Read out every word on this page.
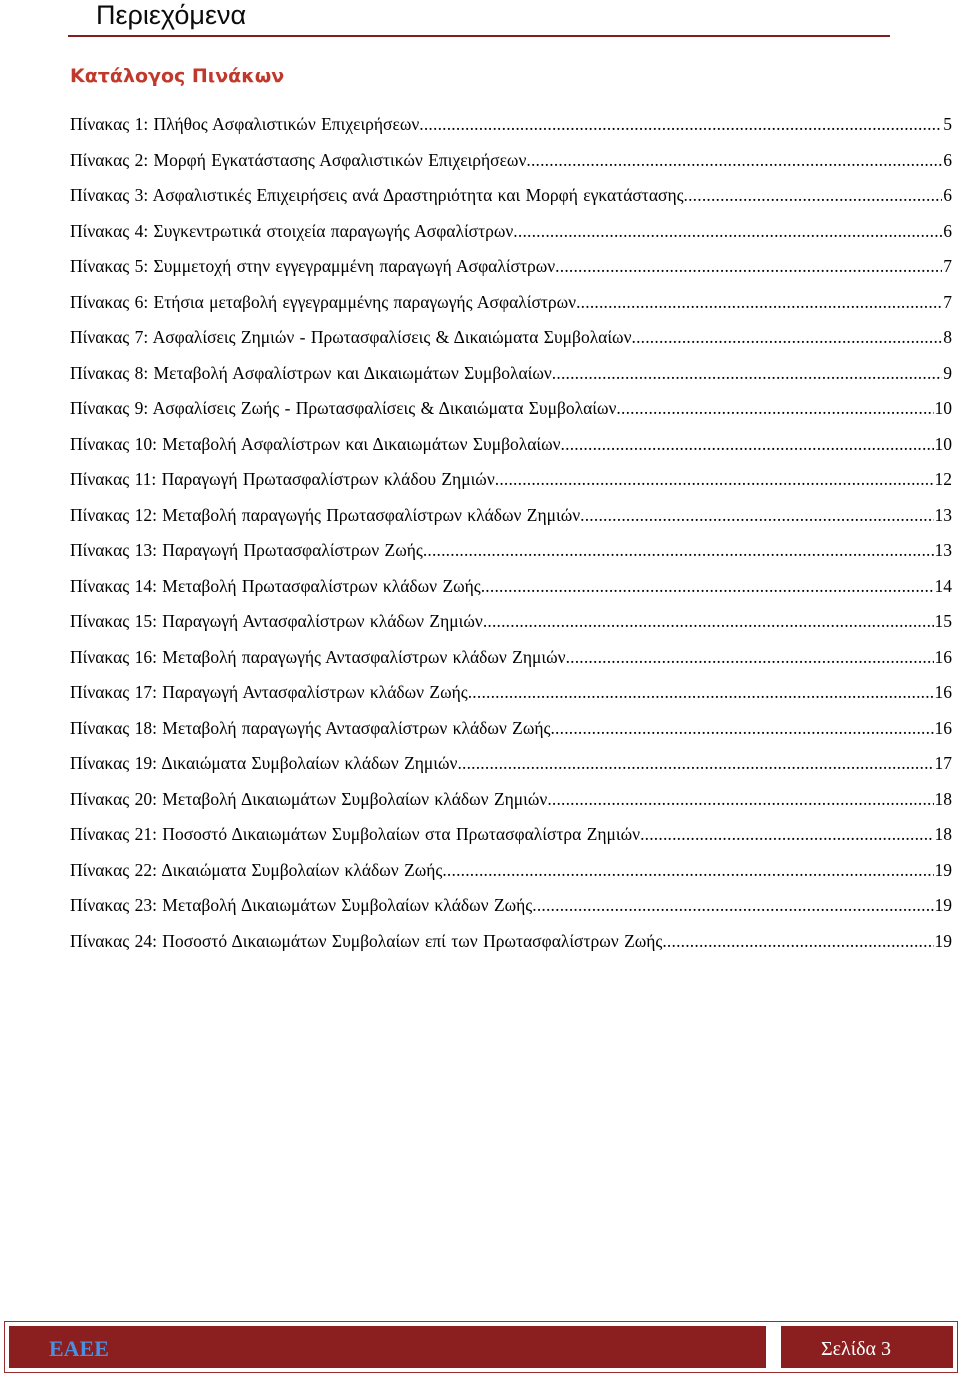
Περιεχόμενα
Κατάλογος Πινάκων
Πίνακας 1: Πλήθος Ασφαλιστικών Επιχειρήσεων .....	5
Πίνακας 2: Μορφή Εγκατάστασης Ασφαλιστικών Επιχειρήσεων .....	6
Πίνακας 3: Ασφαλιστικές Επιχειρήσεις ανά Δραστηριότητα και Μορφή εγκατάστασης .....	6
Πίνακας 4: Συγκεντρωτικά στοιχεία παραγωγής Ασφαλίστρων .....	6
Πίνακας 5: Συμμετοχή στην εγγεγραμμένη παραγωγή Ασφαλίστρων .....	7
Πίνακας 6: Ετήσια μεταβολή εγγεγραμμένης παραγωγής Ασφαλίστρων .....	7
Πίνακας 7: Ασφαλίσεις Ζημιών - Πρωτασφαλίσεις & Δικαιώματα Συμβολαίων .....	8
Πίνακας 8: Μεταβολή Ασφαλίστρων και Δικαιωμάτων Συμβολαίων .....	9
Πίνακας 9: Ασφαλίσεις Ζωής - Πρωτασφαλίσεις & Δικαιώματα Συμβολαίων .....	10
Πίνακας 10: Μεταβολή Ασφαλίστρων και Δικαιωμάτων Συμβολαίων .....	10
Πίνακας 11: Παραγωγή Πρωτασφαλίστρων κλάδου Ζημιών .....	12
Πίνακας 12: Μεταβολή παραγωγής Πρωτασφαλίστρων κλάδων Ζημιών .....	13
Πίνακας 13: Παραγωγή Πρωτασφαλίστρων Ζωής .....	13
Πίνακας 14: Μεταβολή Πρωτασφαλίστρων κλάδων Ζωής .....	14
Πίνακας 15: Παραγωγή Αντασφαλίστρων κλάδων Ζημιών .....	15
Πίνακας 16: Μεταβολή παραγωγής Αντασφαλίστρων κλάδων Ζημιών .....	16
Πίνακας 17: Παραγωγή Αντασφαλίστρων κλάδων Ζωής .....	16
Πίνακας 18: Μεταβολή παραγωγής Αντασφαλίστρων κλάδων Ζωής .....	16
Πίνακας 19: Δικαιώματα Συμβολαίων κλάδων Ζημιών .....	17
Πίνακας 20: Μεταβολή Δικαιωμάτων Συμβολαίων κλάδων Ζημιών .....	18
Πίνακας 21: Ποσοστό Δικαιωμάτων Συμβολαίων στα Πρωτασφαλίστρα Ζημιών .....	18
Πίνακας 22: Δικαιώματα Συμβολαίων κλάδων Ζωής .....	19
Πίνακας 23: Μεταβολή Δικαιωμάτων Συμβολαίων κλάδων Ζωής .....	19
Πίνακας 24: Ποσοστό Δικαιωμάτων Συμβολαίων επί των Πρωτασφαλίστρων Ζωής .....	19
ΕΑΕΕ	Σελίδα 3
